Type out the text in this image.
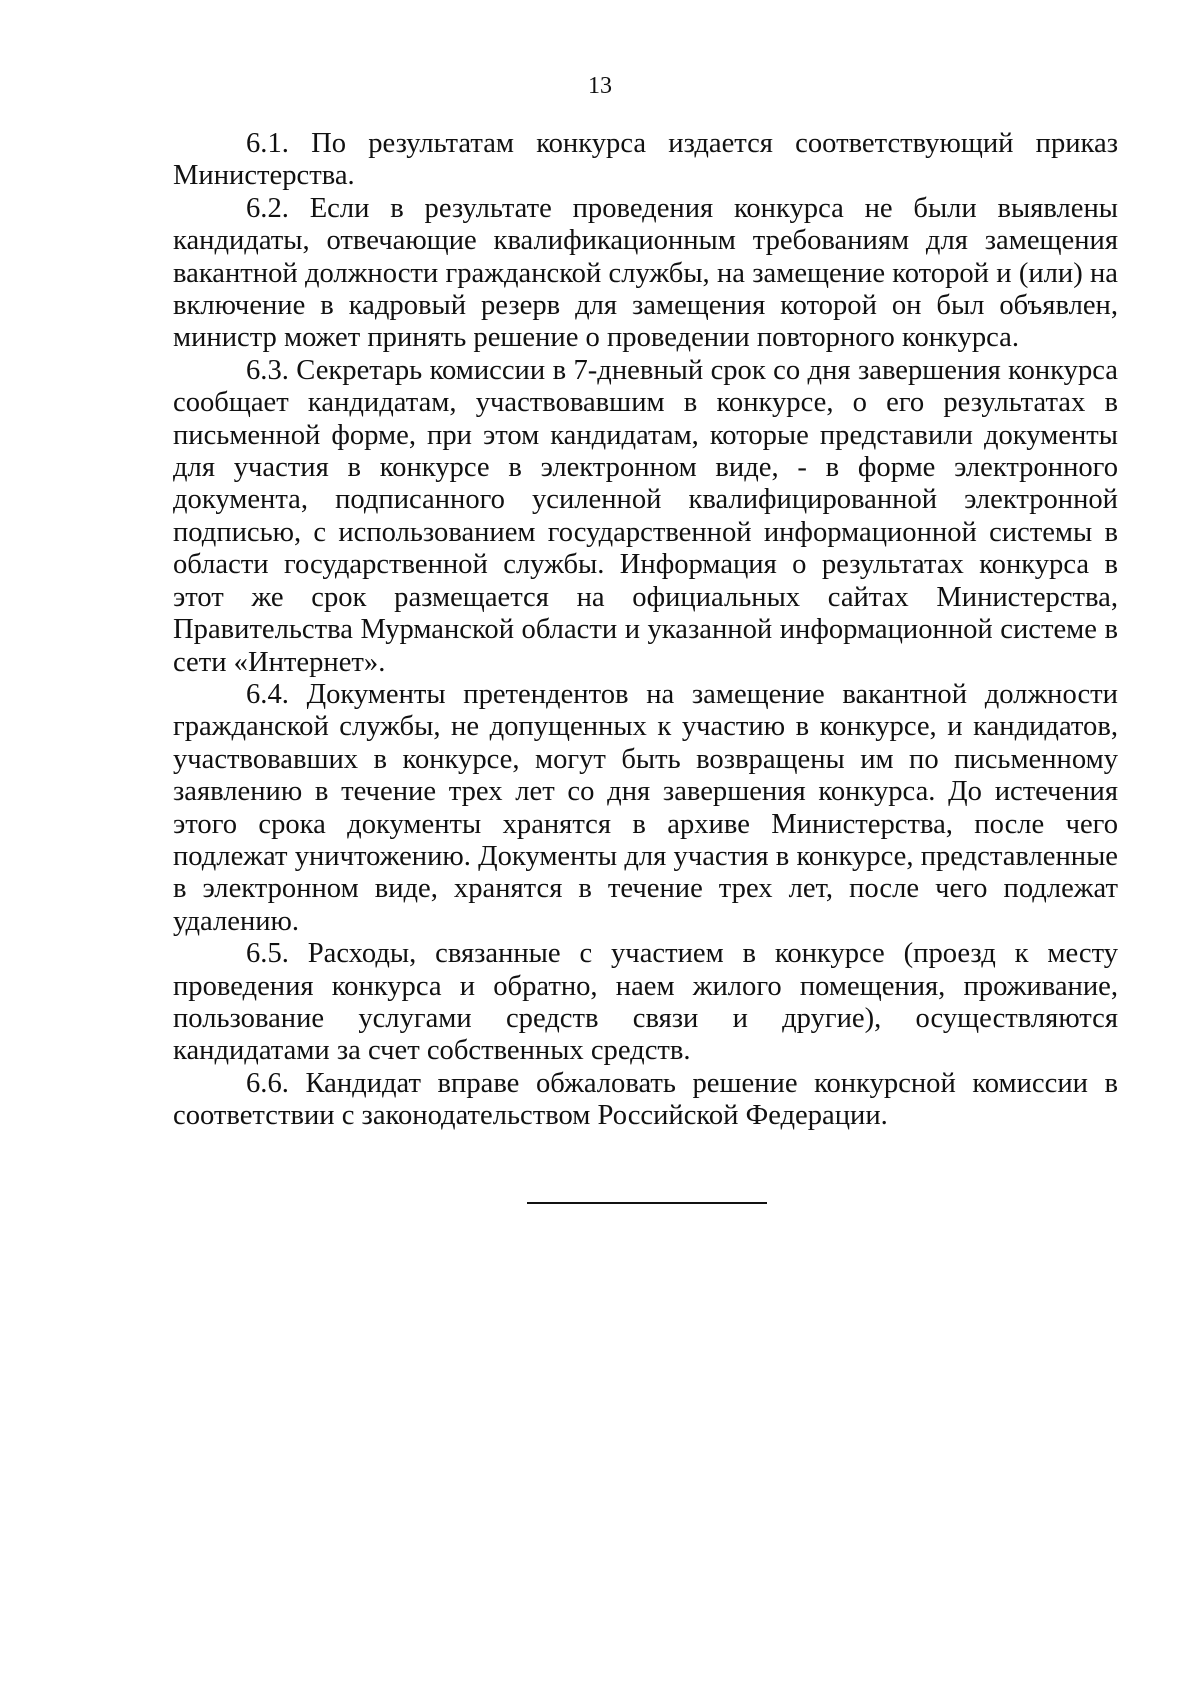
13

6.1. По результатам конкурса издается соответствующий приказ Министерства.

6.2. Если в результате проведения конкурса не были выявлены кандидаты, отвечающие квалификационным требованиям для замещения вакантной должности гражданской службы, на замещение которой и (или) на включение в кадровый резерв для замещения которой он был объявлен, министр может принять решение о проведении повторного конкурса.

6.3. Секретарь комиссии в 7-дневный срок со дня завершения конкурса сообщает кандидатам, участвовавшим в конкурсе, о его результатах в письменной форме, при этом кандидатам, которые представили документы для участия в конкурсе в электронном виде, - в форме электронного документа, подписанного усиленной квалифицированной электронной подписью, с использованием государственной информационной системы в области государственной службы. Информация о результатах конкурса в этот же срок размещается на официальных сайтах Министерства, Правительства Мурманской области и указанной информационной системе в сети «Интернет».

6.4. Документы претендентов на замещение вакантной должности гражданской службы, не допущенных к участию в конкурсе, и кандидатов, участвовавших в конкурсе, могут быть возвращены им по письменному заявлению в течение трех лет со дня завершения конкурса. До истечения этого срока документы хранятся в архиве Министерства, после чего подлежат уничтожению. Документы для участия в конкурсе, представленные в электронном виде, хранятся в течение трех лет, после чего подлежат удалению.

6.5. Расходы, связанные с участием в конкурсе (проезд к месту проведения конкурса и обратно, наем жилого помещения, проживание, пользование услугами средств связи и другие), осуществляются кандидатами за счет собственных средств.

6.6. Кандидат вправе обжаловать решение конкурсной комиссии в соответствии с законодательством Российской Федерации.
